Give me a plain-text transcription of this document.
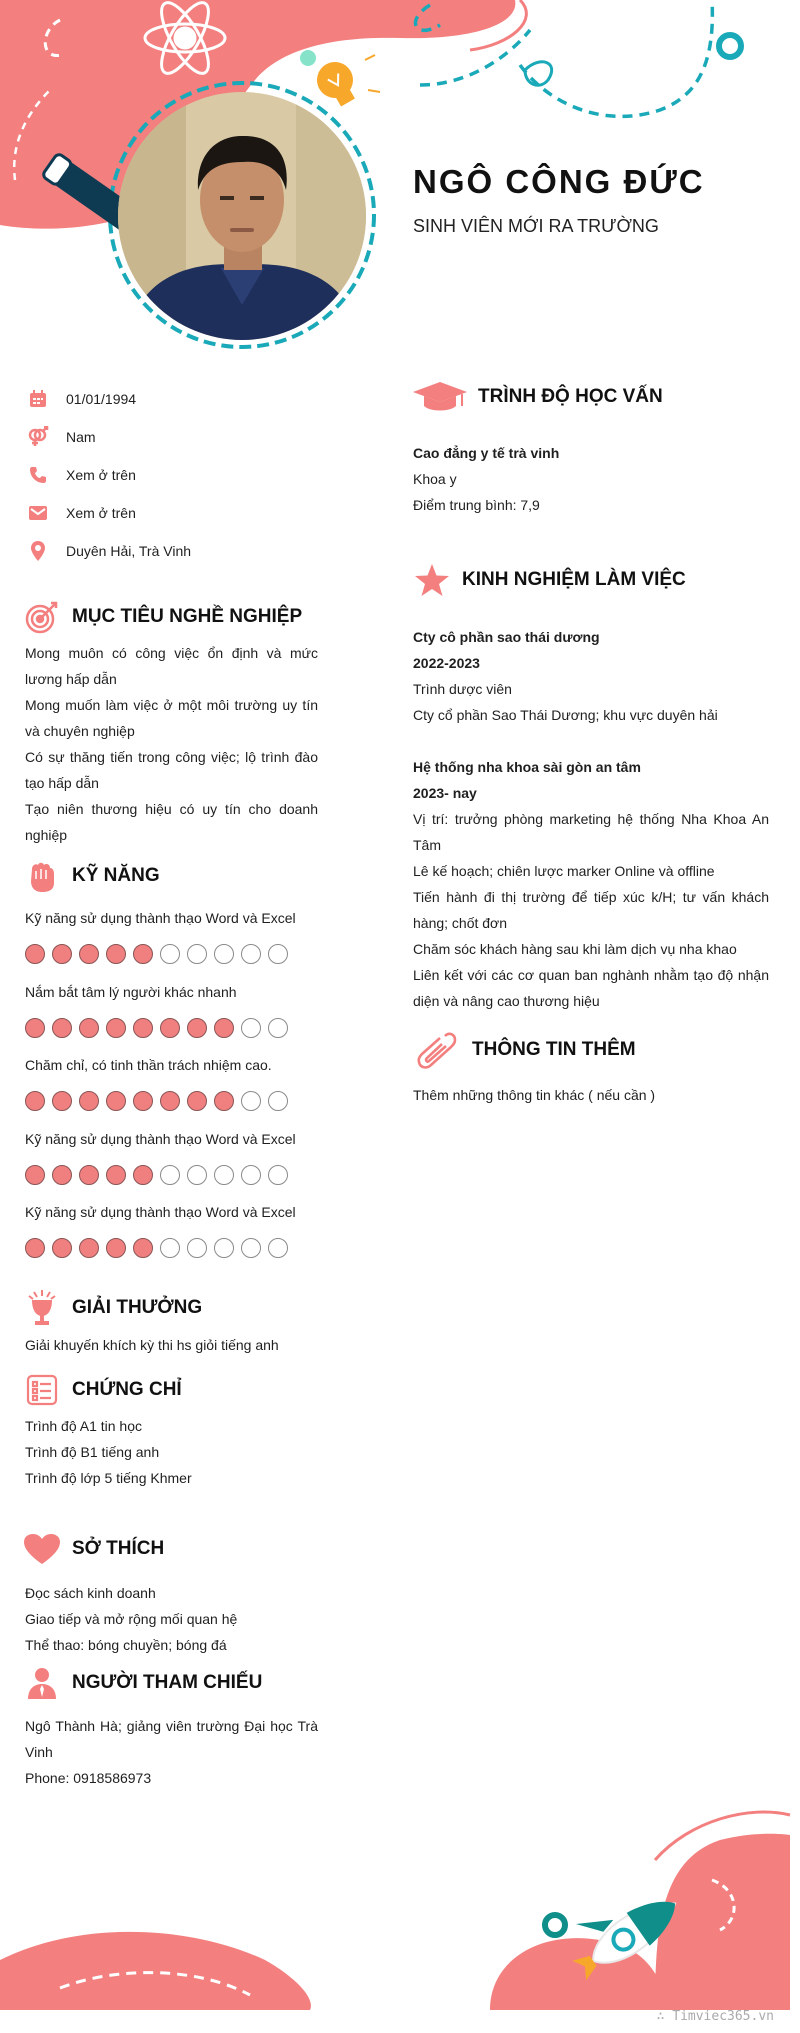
NGÔ CÔNG ĐỨC
SINH VIÊN MỚI RA TRƯỜNG
01/01/1994
Nam
Xem ở trên
Xem ở trên
Duyên Hải, Trà Vinh
MỤC TIÊU NGHỀ NGHIỆP
Mong muôn có công việc ổn định và mức lương hấp dẫn
Mong muốn làm việc ở một môi trường uy tín và chuyên nghiệp
Có sự thăng tiến trong công việc; lộ trình đào tạo hấp dẫn
Tạo niên thương hiệu có uy tín cho doanh nghiệp
KỸ NĂNG
Kỹ năng sử dụng thành thạo Word và Excel
Nắm bắt tâm lý người khác nhanh
Chăm chỉ, có tinh thần trách nhiệm cao.
Kỹ năng sử dụng thành thạo Word và Excel
Kỹ năng sử dụng thành thạo Word và Excel
GIẢI THƯỞNG
Giải khuyến khích kỳ thi hs giỏi tiếng anh
CHỨNG CHỈ
Trình độ A1 tin học
Trình độ B1 tiếng anh
Trình độ lớp 5 tiếng Khmer
SỞ THÍCH
Đọc sách kinh doanh
Giao tiếp và mở rộng mối quan hệ
Thể thao: bóng chuyền; bóng đá
NGƯỜI THAM CHIẾU
Ngô Thành Hà; giảng viên trường Đại học Trà Vinh
Phone: 0918586973
TRÌNH ĐỘ HỌC VẤN
Cao đẳng y tế trà vinh
Khoa y
Điểm trung bình: 7,9
KINH NGHIỆM LÀM VIỆC
Cty cô phần sao thái dương
2022-2023
Trình dược viên
Cty cổ phần Sao Thái Dương; khu vực duyên hải
Hệ thống nha khoa sài gòn an tâm
2023- nay
Vị trí: trưởng phòng marketing hệ thống Nha Khoa An Tâm
Lê kế hoạch; chiên lược marker Online và offline
Tiến hành đi thị trường để tiếp xúc k/H; tư vấn khách hàng; chốt đơn
Chăm sóc khách hàng sau khi làm dịch vụ nha khao
Liên kết với các cơ quan ban nghành nhằm tạo độ nhận diện và nâng cao thương hiệu
THÔNG TIN THÊM
Thêm những thông tin khác ( nếu cần )
∴ Timviec365.vn
